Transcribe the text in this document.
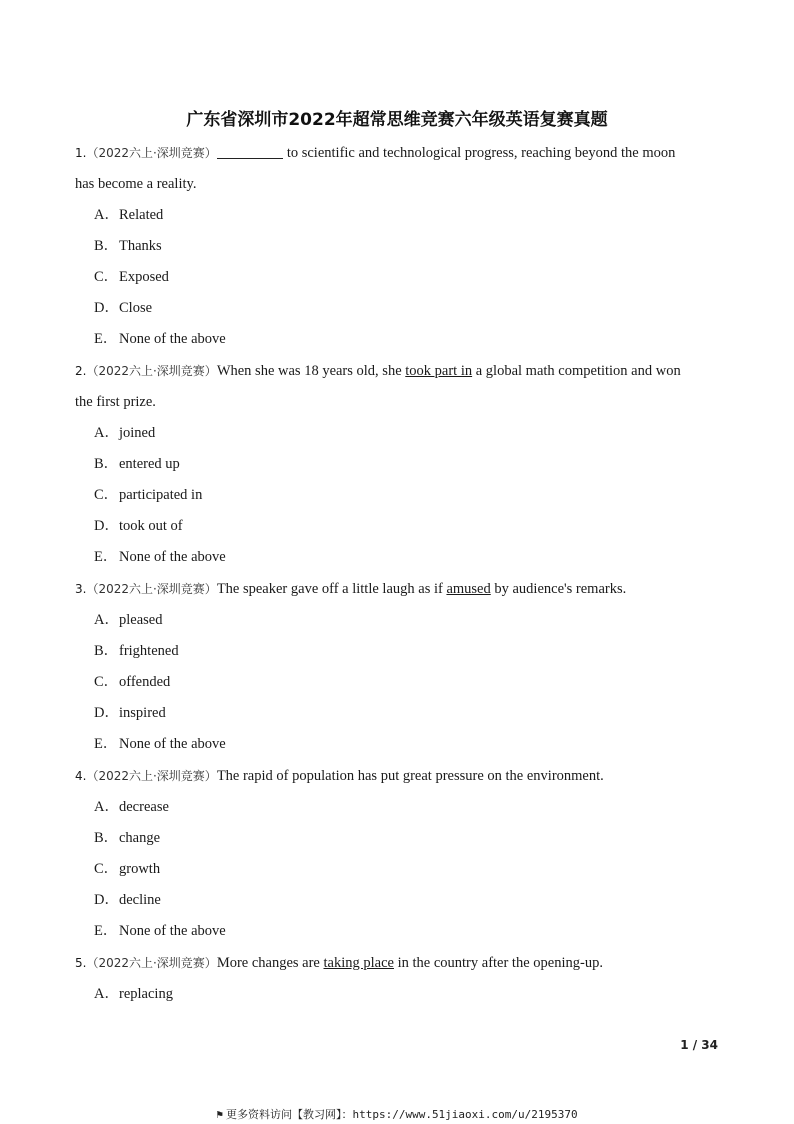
广东省深圳市2022年超常思维竞赛六年级英语复赛真题
1.（2022六上·深圳竞赛）	to scientific and technological progress, reaching beyond the moon
has become a reality.
A．Related
B．Thanks
C．Exposed
D．Close
E． None of the above
2.（2022六上·深圳竞赛）When she was 18 years old, she took part in a global math competition and won
the first prize.
A．joined
B．entered up
C．participated in
D．took out of
E． None of the above
3.（2022六上·深圳竞赛）The speaker gave off a little laugh as if amused by audience's remarks.
A．pleased
B．frightened
C．offended
D．inspired
E． None of the above
4.（2022六上·深圳竞赛）The rapid of population has put great pressure on the environment.
A．decrease
B．change
C．growth
D．decline
E． None of the above
5.（2022六上·深圳竞赛）More changes are taking place in the country after the opening-up.
A．replacing
1 / 34
⚑ 更多资料访问【教习网】：https://www.51jiaoxi.com/u/2195370
